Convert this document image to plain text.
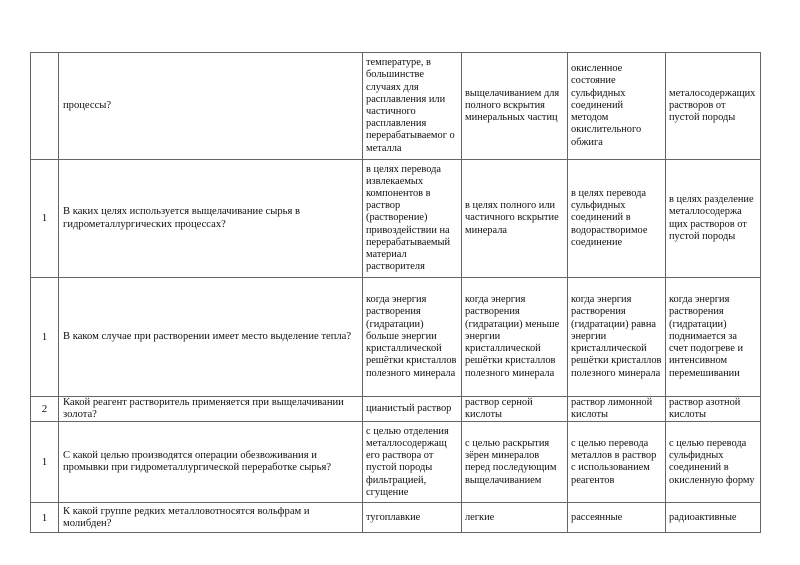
	процессы?	температуре, в большинстве случаях для расплавления или частичного расплавления перерабатываемог о металла	выщелачиванием для полного вскрытия минеральных частиц	окисленное состояние сульфидных соединений методом окислительного обжига	металосодержащих растворов от пустой породы
1	В каких целях используется выщелачивание сырья в гидрометаллургических процессах?	в целях перевода извлекаемых компонентов в раствор (растворение) привоздействии на перерабатываемый материал растворителя	в целях полного или частичного вскрытие минерала	в целях перевода сульфидных соединений в водорастворимое соединение	в целях разделение металлосодержа щих растворов от пустой породы
1	В каком случае при растворении имеет место выделение тепла?	когда энергия растворения (гидратации) больше энергии кристаллической решётки кристаллов полезного минерала	когда энергия растворения (гидратации) меньше энергии кристаллической решётки кристаллов полезного минерала	когда энергия растворения (гидратации) равна энергии кристаллической решётки кристаллов полезного минерала	когда энергия растворения (гидратации) поднимается за счет подогреве и интенсивном перемешивании
2	Какой реагент растворитель применяется при выщелачивании золота?	цианистый раствор	раствор серной кислоты	раствор лимонной кислоты	раствор азотной кислоты
1	С какой целью производятся операции обезвоживания и промывки при гидрометаллургической переработке сырья?	с целью отделения металлосодержащ его раствора от пустой породы фильтрацией, сгущение	с целью раскрытия зёрен минералов перед последующим выщелачиванием	с целью перевода металлов в раствор с использованием реагентов	с целью перевода сульфидных соединений в окисленную форму
1	К какой группе редких металловотносятся вольфрам и молибден?	тугоплавкие	легкие	рассеянные	радиоактивные
